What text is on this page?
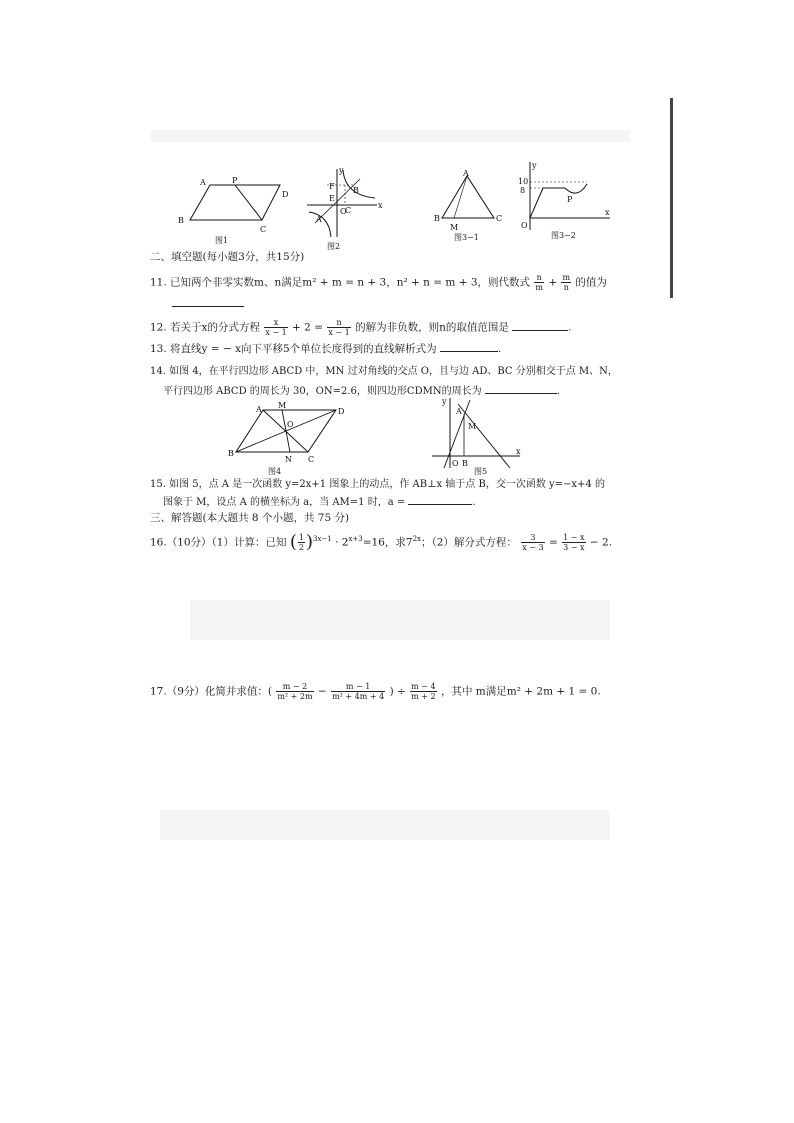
A	P
D
B
C
图1
y
x
F
E
B
A
O
C
图2
A
B	C
M
图3−1
y
x
10
8
O
P
图3−2
二、填空题(每小题3分，共15分)
11. 已知两个非零实数m、n满足m² + m = n + 3，n² + n = m + 3，则代数式 $\frac{n}{m} + \frac{m}{n}$ 的值为
12. 若关于x的分式方程 $\frac{x}{x - 1} + 2 = \frac{n}{x - 1}$ 的解为非负数，则n的取值范围是	.
13. 将直线y = − x向下平移5个单位长度得到的直线解析式为	.
14. 如图 4，在平行四边形 ABCD 中，MN 过对角线的交点 O，且与边 AD、BC 分别相交于点 M、N，
平行四边形 ABCD 的周长为 30，ON=2.6，则四边形CDMN的周长为	.
A M
D
O
B
N C
图4
y
x
A
M
O B
图5
15. 如图 5，点 A 是一次函数 y=2x+1 图象上的动点，作 AB⊥x 轴于点 B，交一次函数 y=−x+4 的
图象于 M，设点 A 的横坐标为 a，当 AM=1 时，a =	.
三、解答题(本大题共 8 个小题，共 75 分)
16.（10分）（1）计算：已知 ( $\frac{1}{2} )^{3x-1} \cdot 2^{x+3}=16$，求$7^{2x}$；（2）解分式方程： $\frac{3}{x - 3} = \frac{1 - x}{3 - x} - 2$.
17.（9分）化简并求值：( $\frac{m - 2}{\text{m² + 2m}} - \frac{m - 1}{\text{m² + 4m + 4}}$ ) ÷ $\frac{m - 4}{m + 2}$ ，其中 m满足m² + 2m + 1 = 0.
